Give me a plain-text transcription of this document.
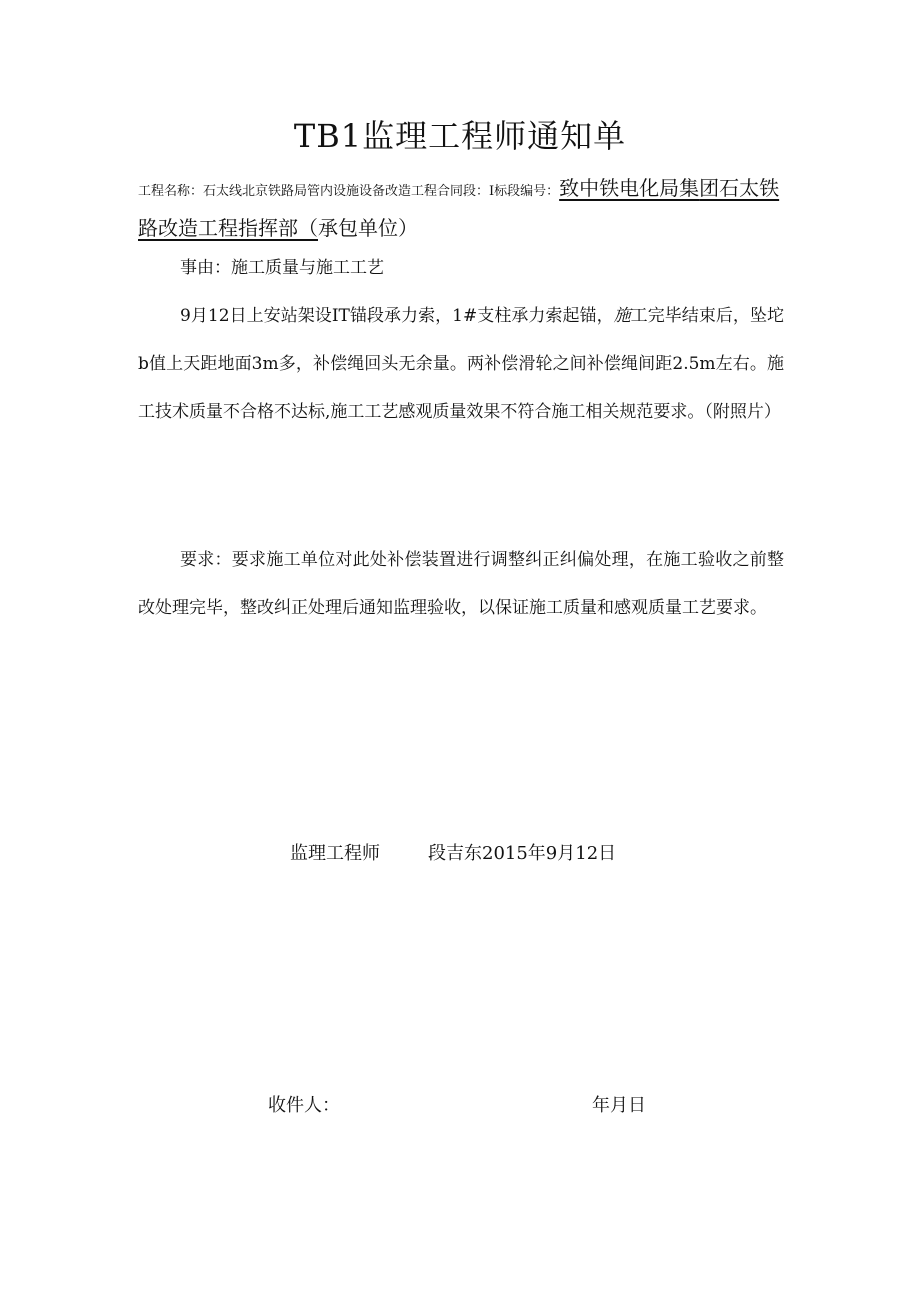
TB1监理工程师通知单
工程名称：石太线北京铁路局管内设施设备改造工程合同段：Ⅰ标段编号：致中铁电化局集团石太铁路改造工程指挥部（承包单位）
事由：施工质量与施工工艺
9月12日上安站架设IT锚段承力索，1#支柱承力索起锚，施工完毕结束后，坠坨b值上天距地面3m多，补偿绳回头无余量。两补偿滑轮之间补偿绳间距2.5m左右。施工技术质量不合格不达标,施工工艺感观质量效果不符合施工相关规范要求。（附照片）
要求：要求施工单位对此处补偿装置进行调整纠正纠偏处理，在施工验收之前整改处理完毕，整改纠正处理后通知监理验收，以保证施工质量和感观质量工艺要求。
监理工程师	段吉东2015年9月12日
收件人：	年月日
